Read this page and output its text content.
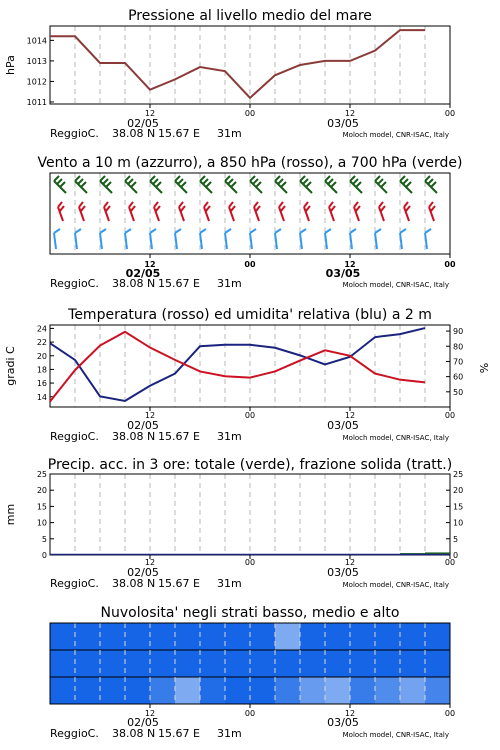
Pressione al livello medio del mare
1011
1012
1013
1014
hPa
12	00	12	00
02/05	03/05
ReggioC. 38.08 N 15.67 E 31m	Moloch model, CNR-ISAC, Italy
Vento a 10 m (azzurro), a 850 hPa (rosso), a 700 hPa (verde)
12	00	12	00
02/05	03/05
ReggioC. 38.08 N 15.67 E 31m	Moloch model, CNR-ISAC, Italy
Temperatura (rosso) ed umidita' relativa (blu) a 2 m
14
16
18
20
22
24
50
60
70
80
90
gradi C	%
12	00	12	00
02/05	03/05
ReggioC. 38.08 N 15.67 E 31m	Moloch model, CNR-ISAC, Italy
Precip. acc. in 3 ore: totale (verde), frazione solida (tratt.)
0
5
10
15
20
25
0
5
10
15
20
25
mm
12	00	12	00
02/05	03/05
ReggioC. 38.08 N 15.67 E 31m	Moloch model, CNR-ISAC, Italy
Nuvolosita' negli strati basso, medio e alto
12	00	12	00
02/05	03/05
ReggioC. 38.08 N 15.67 E 31m	Moloch model, CNR-ISAC, Italy
